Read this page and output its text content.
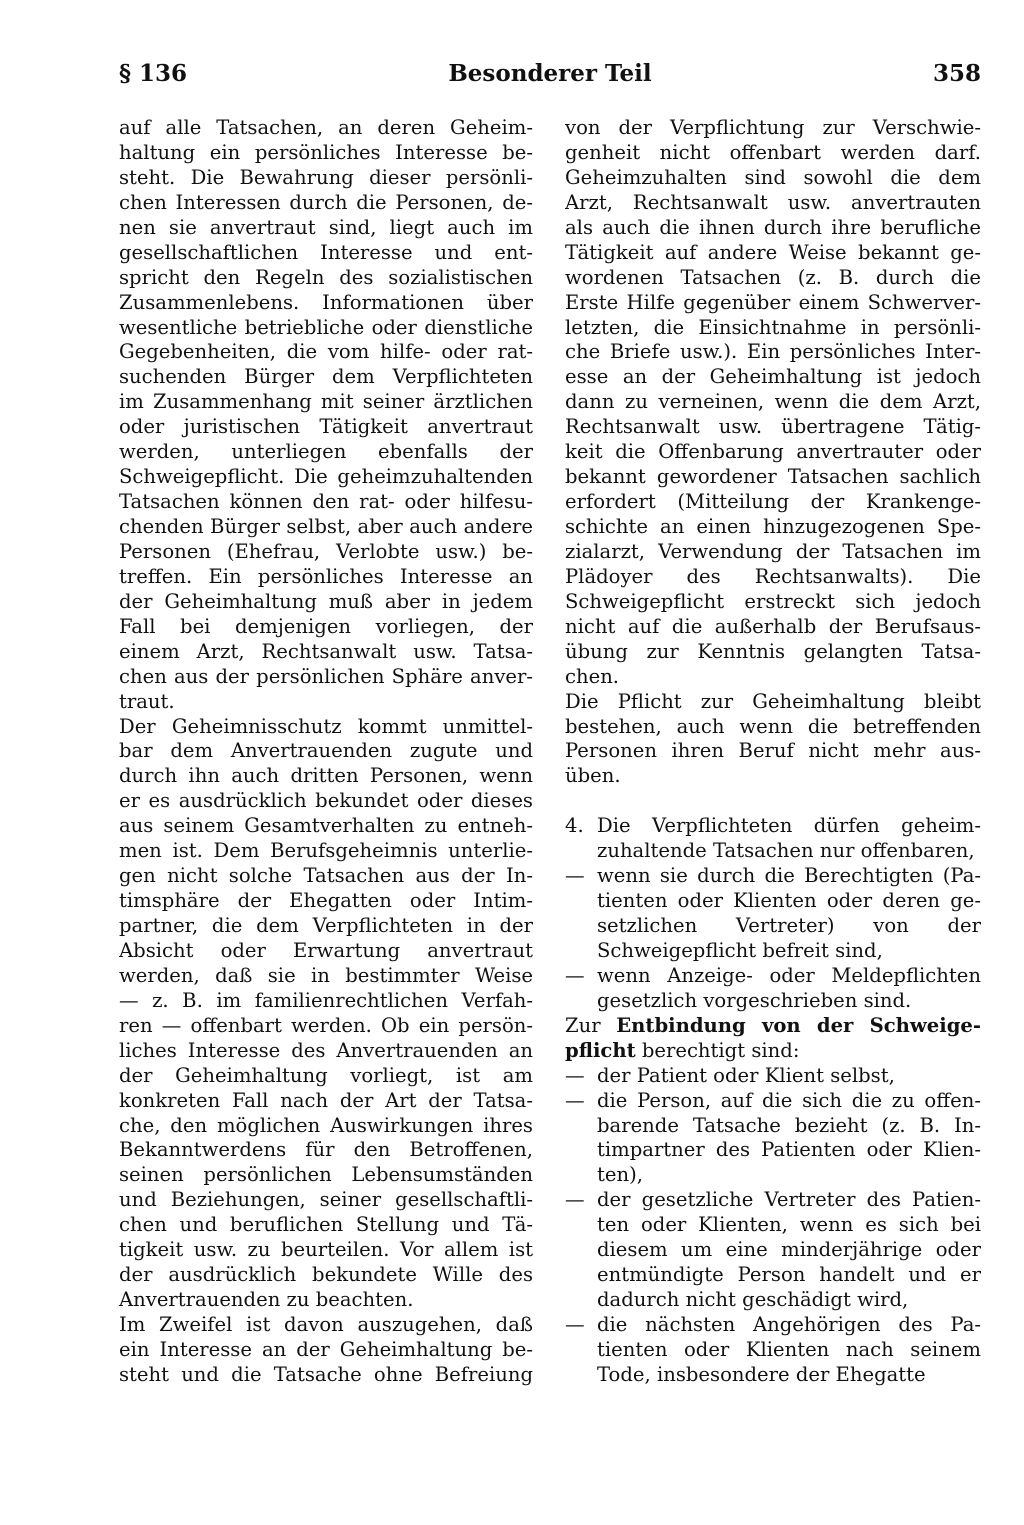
§ 136	Besonderer Teil	358
auf alle Tatsachen, an deren Geheim-
haltung ein persönliches Interesse be-
steht. Die Bewahrung dieser persönli-
chen Interessen durch die Personen, de-
nen sie anvertraut sind, liegt auch im
gesellschaftlichen Interesse und ent-
spricht den Regeln des sozialistischen
Zusammenlebens. Informationen über
wesentliche betriebliche oder dienstliche
Gegebenheiten, die vom hilfe- oder rat-
suchenden Bürger dem Verpflichteten
im Zusammenhang mit seiner ärztlichen
oder juristischen Tätigkeit anvertraut
werden, unterliegen ebenfalls der
Schweigepflicht. Die geheimzuhaltenden
Tatsachen können den rat- oder hilfesu-
chenden Bürger selbst, aber auch andere
Personen (Ehefrau, Verlobte usw.) be-
treffen. Ein persönliches Interesse an
der Geheimhaltung muß aber in jedem
Fall bei demjenigen vorliegen, der
einem Arzt, Rechtsanwalt usw. Tatsa-
chen aus der persönlichen Sphäre anver-
traut.
Der Geheimnisschutz kommt unmittel-
bar dem Anvertrauenden zugute und
durch ihn auch dritten Personen, wenn
er es ausdrücklich bekundet oder dieses
aus seinem Gesamtverhalten zu entneh-
men ist. Dem Berufsgeheimnis unterlie-
gen nicht solche Tatsachen aus der In-
timsphäre der Ehegatten oder Intim-
partner, die dem Verpflichteten in der
Absicht oder Erwartung anvertraut
werden, daß sie in bestimmter Weise
— z. B. im familienrechtlichen Verfah-
ren — offenbart werden. Ob ein persön-
liches Interesse des Anvertrauenden an
der Geheimhaltung vorliegt, ist am
konkreten Fall nach der Art der Tatsa-
che, den möglichen Auswirkungen ihres
Bekanntwerdens für den Betroffenen,
seinen persönlichen Lebensumständen
und Beziehungen, seiner gesellschaftli-
chen und beruflichen Stellung und Tä-
tigkeit usw. zu beurteilen. Vor allem ist
der ausdrücklich bekundete Wille des
Anvertrauenden zu beachten.
Im Zweifel ist davon auszugehen, daß
ein Interesse an der Geheimhaltung be-
steht und die Tatsache ohne Befreiung
von der Verpflichtung zur Verschwie-
genheit nicht offenbart werden darf.
Geheimzuhalten sind sowohl die dem
Arzt, Rechtsanwalt usw. anvertrauten
als auch die ihnen durch ihre berufliche
Tätigkeit auf andere Weise bekannt ge-
wordenen Tatsachen (z. B. durch die
Erste Hilfe gegenüber einem Schwerver-
letzten, die Einsichtnahme in persönli-
che Briefe usw.). Ein persönliches Inter-
esse an der Geheimhaltung ist jedoch
dann zu verneinen, wenn die dem Arzt,
Rechtsanwalt usw. übertragene Tätig-
keit die Offenbarung anvertrauter oder
bekannt gewordener Tatsachen sachlich
erfordert (Mitteilung der Krankenge-
schichte an einen hinzugezogenen Spe-
zialarzt, Verwendung der Tatsachen im
Plädoyer des Rechtsanwalts). Die
Schweigepflicht erstreckt sich jedoch
nicht auf die außerhalb der Berufsaus-
übung zur Kenntnis gelangten Tatsa-
chen.
Die Pflicht zur Geheimhaltung bleibt
bestehen, auch wenn die betreffenden
Personen ihren Beruf nicht mehr aus-
üben.
4. Die Verpflichteten dürfen geheim-
zuhaltende Tatsachen nur offenbaren,
— wenn sie durch die Berechtigten (Pa-
tienten oder Klienten oder deren ge-
setzlichen Vertreter) von der
Schweigepflicht befreit sind,
— wenn Anzeige- oder Meldepflichten
gesetzlich vorgeschrieben sind.
Zur Entbindung von der Schweige-
pflicht berechtigt sind:
— der Patient oder Klient selbst,
— die Person, auf die sich die zu offen-
barende Tatsache bezieht (z. B. In-
timpartner des Patienten oder Klien-
ten),
— der gesetzliche Vertreter des Patien-
ten oder Klienten, wenn es sich bei
diesem um eine minderjährige oder
entmündigte Person handelt und er
dadurch nicht geschädigt wird,
— die nächsten Angehörigen des Pa-
tienten oder Klienten nach seinem
Tode, insbesondere der Ehegatte
